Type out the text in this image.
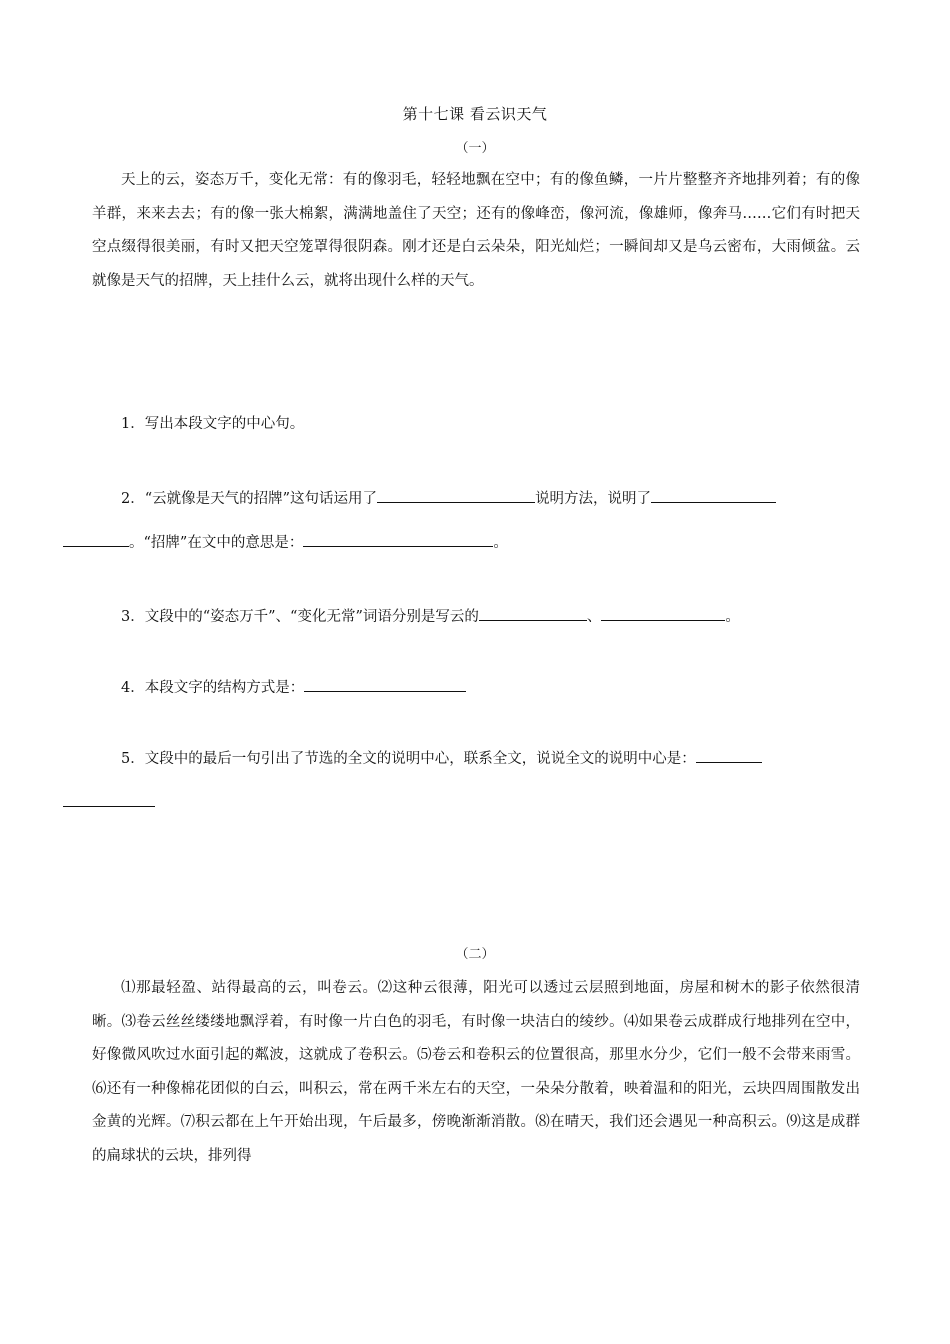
第十七课 看云识天气
（一）

天上的云，姿态万千，变化无常：有的像羽毛，轻轻地飘在空中；有的像鱼鳞，一片片整整齐齐地排列着；有的像羊群，来来去去；有的像一张大棉絮，满满地盖住了天空；还有的像峰峦，像河流，像雄师，像奔马……它们有时把天空点缀得很美丽，有时又把天空笼罩得很阴森。刚才还是白云朵朵，阳光灿烂；一瞬间却又是乌云密布，大雨倾盆。云就像是天气的招牌，天上挂什么云，就将出现什么样的天气。

1．写出本段文字的中心句。

2．“云就像是天气的招牌”这句话运用了	说明方法，说明了
。“招牌”在文中的意思是：	。

3．文段中的“姿态万千”、“变化无常”词语分别是写云的	、	。

4．本段文字的结构方式是：

5．文段中的最后一句引出了节选的全文的说明中心，联系全文，说说全文的说明中心是：

（二）

⑴那最轻盈、站得最高的云，叫卷云。⑵这种云很薄，阳光可以透过云层照到地面，房屋和树木的影子依然很清晰。⑶卷云丝丝缕缕地飘浮着，有时像一片白色的羽毛，有时像一块洁白的绫纱。⑷如果卷云成群成行地排列在空中，好像微风吹过水面引起的粼波，这就成了卷积云。⑸卷云和卷积云的位置很高，那里水分少，它们一般不会带来雨雪。⑹还有一种像棉花团似的白云，叫积云，常在两千米左右的天空，一朵朵分散着，映着温和的阳光，云块四周围散发出金黄的光辉。⑺积云都在上午开始出现，午后最多，傍晚渐渐消散。⑻在晴天，我们还会遇见一种高积云。⑼这是成群的扁球状的云块，排列得
